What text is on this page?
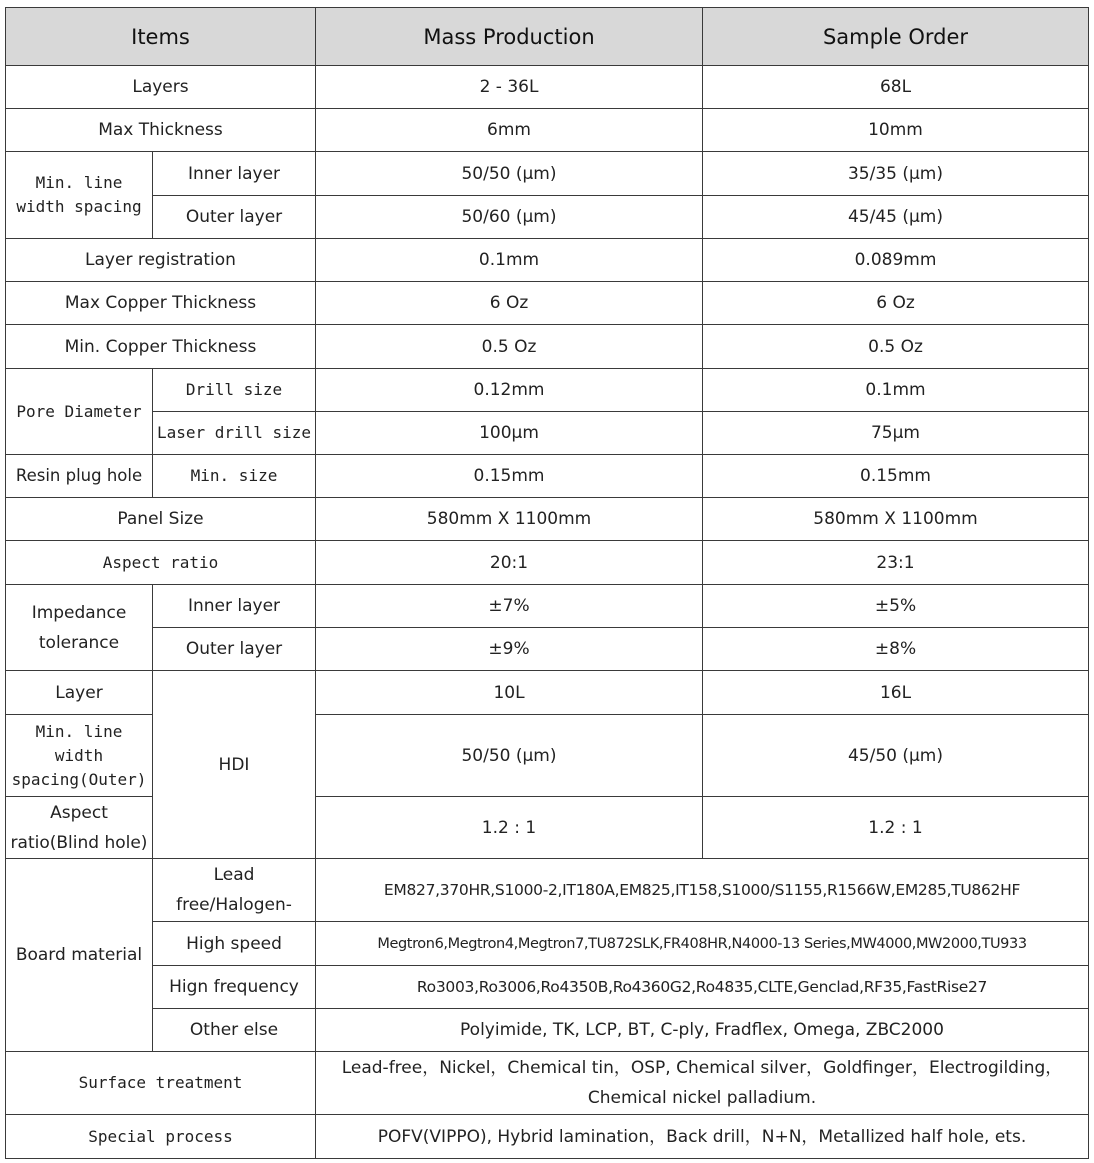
Items		Mass Production	Sample Order
Layers		2 - 36L	68L
Max Thickness		6mm	10mm
Min. line width spacing	Inner layer	50/50 (μm)	35/35 (μm)
	Outer layer	50/60 (μm)	45/45 (μm)
Layer registration		0.1mm	0.089mm
Max Copper Thickness		6 Oz	6 Oz
Min. Copper Thickness		0.5 Oz	0.5 Oz
Pore Diameter	Drill size	0.12mm	0.1mm
	Laser drill size	100μm	75μm
Resin plug hole	Min. size	0.15mm	0.15mm
Panel Size		580mm X 1100mm	580mm X 1100mm
Aspect ratio		20:1	23:1
Impedance tolerance	Inner layer	±7%	±5%
	Outer layer	±9%	±8%
Layer	HDI	10L	16L
Min. line width spacing(Outer)		50/50 (μm)	45/50 (μm)
Aspect ratio(Blind hole)		1.2 : 1	1.2 : 1
Board material	Lead free/Halogen-	EM827,370HR,S1000-2,IT180A,EM825,IT158,S1000/S1155,R1566W,EM285,TU862HF	
	High speed	Megtron6,Megtron4,Megtron7,TU872SLK,FR408HR,N4000-13 Series,MW4000,MW2000,TU933	
	Hign frequency	Ro3003,Ro3006,Ro4350B,Ro4360G2,Ro4835,CLTE,Genclad,RF35,FastRise27	
	Other else	Polyimide, TK, LCP, BT, C-ply, Fradflex, Omega, ZBC2000	
Surface treatment		Lead-free，Nickel，Chemical tin，OSP, Chemical silver，Goldfinger，Electrogilding，Chemical nickel palladium.	
Special process		POFV(VIPPO), Hybrid lamination，Back drill，N+N，Metallized half hole, ets.	
